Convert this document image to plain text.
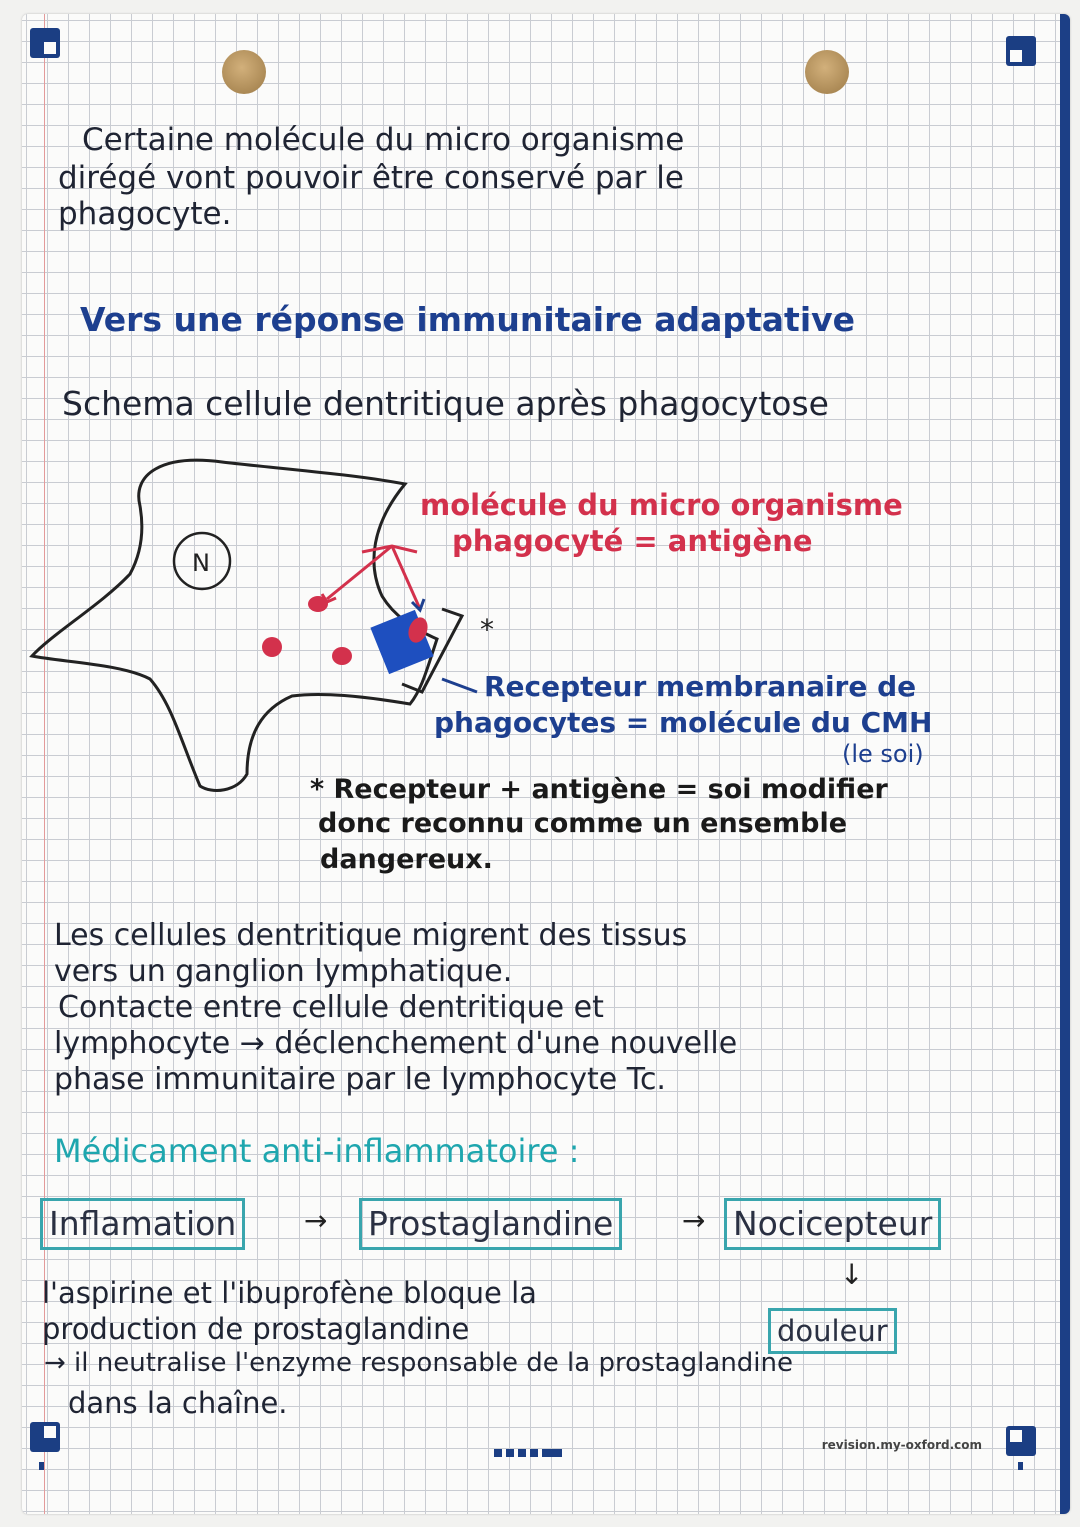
Certaine molécule du micro organisme
dirégé vont pouvoir être conservé par le
phagocyte.
Vers une réponse immunitaire adaptative
Schema cellule dentritique après phagocytose
N
*
molécule du micro organisme
phagocyté = antigène
Recepteur membranaire de
phagocytes = molécule du CMH
(le soi)
* Recepteur + antigène = soi modifier
donc reconnu comme un ensemble
dangereux.
Les cellules dentritique migrent des tissus
vers un ganglion lymphatique.
Contacte entre cellule dentritique et
lymphocyte → déclenchement d'une nouvelle
phase immunitaire par le lymphocyte Tc.
Médicament anti-inflammatoire :
Inflamation	→ Prostaglandine	→ Nocicepteur
↓
l'aspirine et l'ibuprofène bloque la
production de prostaglandine	douleur
→ il neutralise l'enzyme responsable de la prostaglandine
dans la chaîne.
revision.my-oxford.com
